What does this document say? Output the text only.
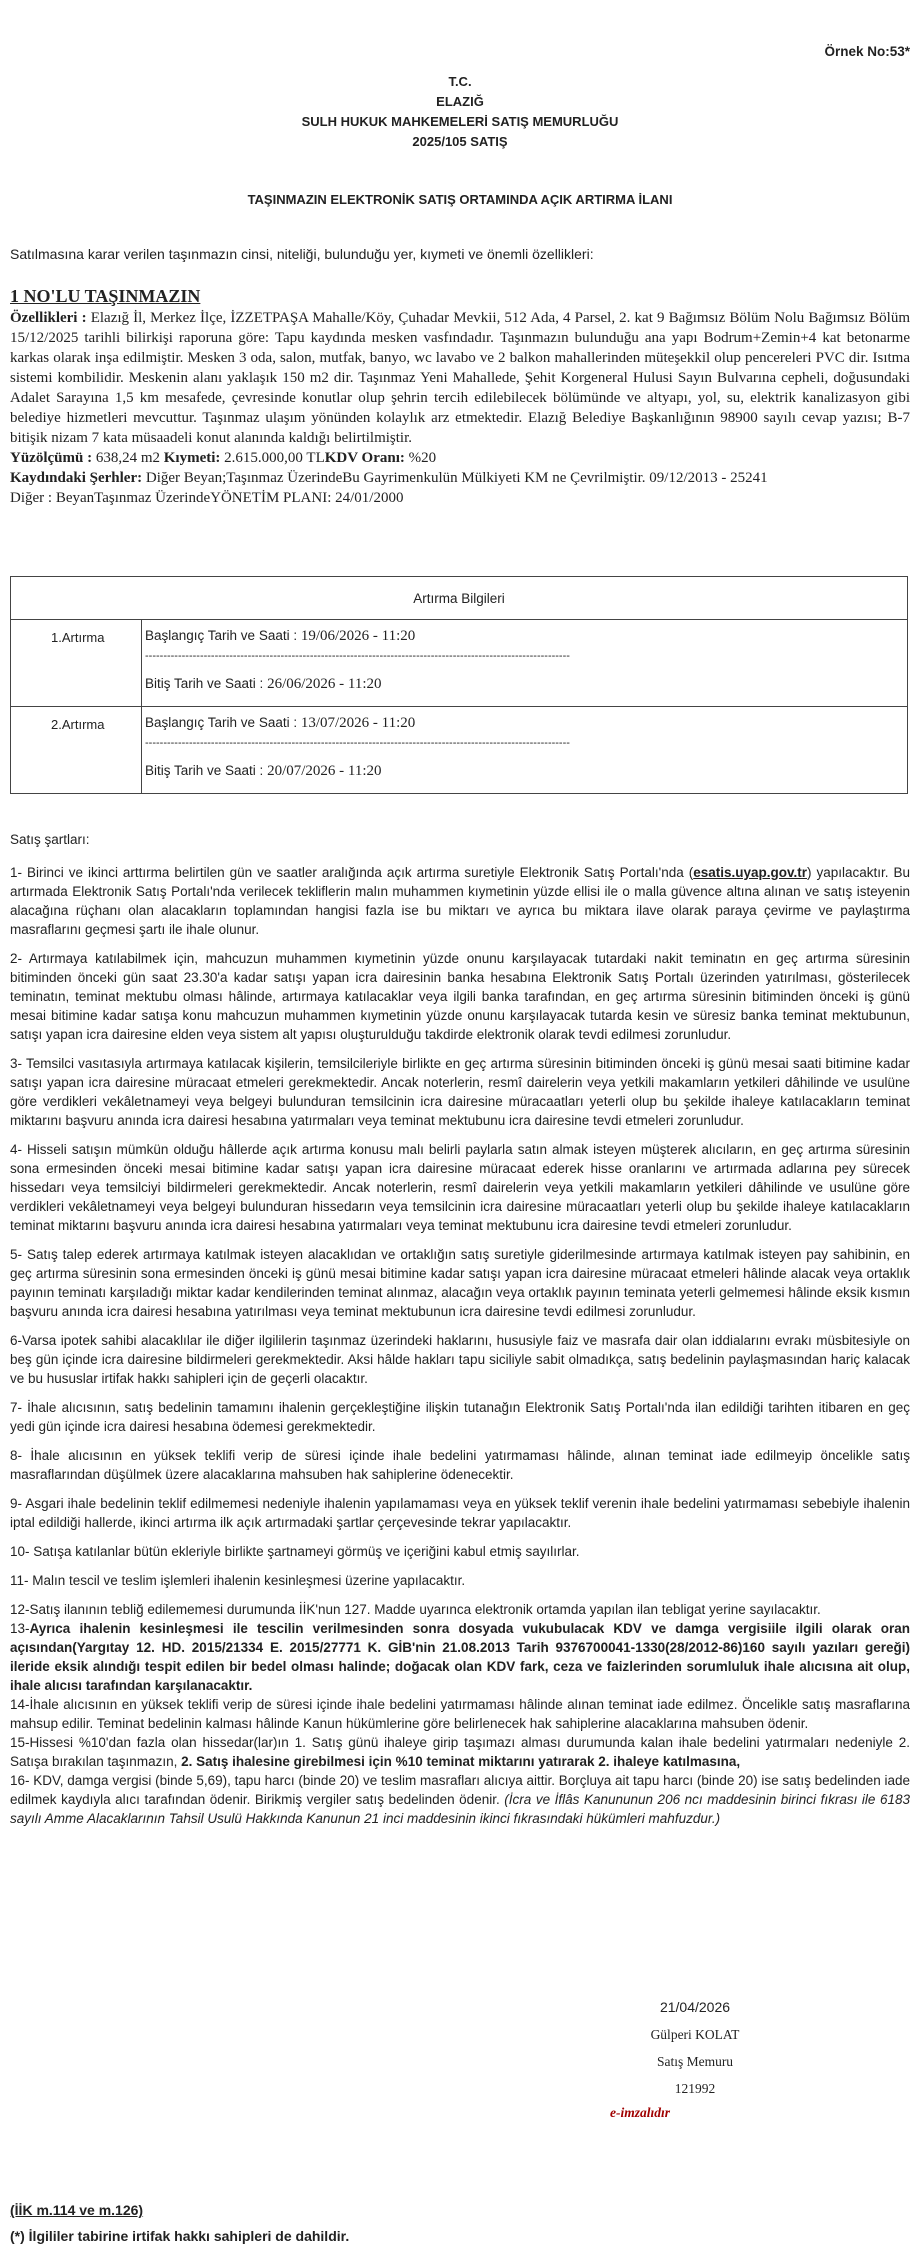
Örnek No:53*
T.C.
ELAZIĞ
SULH HUKUK MAHKEMELERİ SATIŞ MEMURLUĞU
2025/105 SATIŞ
TAŞINMAZIN ELEKTRONİK SATIŞ ORTAMINDA AÇIK ARTIRMA İLANI
Satılmasına karar verilen taşınmazın cinsi, niteliği, bulunduğu yer, kıymeti ve önemli özellikleri:
1 NO'LU TAŞINMAZIN
Özellikleri : Elazığ İl, Merkez İlçe, İZZETPAŞA Mahalle/Köy, Çuhadar Mevkii, 512 Ada, 4 Parsel, 2. kat 9 Bağımsız Bölüm Nolu Bağımsız Bölüm 15/12/2025 tarihli bilirkişi raporuna göre: Tapu kaydında mesken vasfındadır. Taşınmazın bulunduğu ana yapı Bodrum+Zemin+4 kat betonarme karkas olarak inşa edilmiştir. Mesken 3 oda, salon, mutfak, banyo, wc lavabo ve 2 balkon mahallerinden müteşekkil olup pencereleri PVC dir. Isıtma sistemi kombilidir. Meskenin alanı yaklaşık 150 m2 dir. Taşınmaz Yeni Mahallede, Şehit Korgeneral Hulusi Sayın Bulvarına cepheli, doğusundaki Adalet Sarayına 1,5 km mesafede, çevresinde konutlar olup şehrin tercih edilebilecek bölümünde ve altyapı, yol, su, elektrik kanalizasyon gibi belediye hizmetleri mevcuttur. Taşınmaz ulaşım yönünden kolaylık arz etmektedir. Elazığ Belediye Başkanlığının 98900 sayılı cevap yazısı; B-7 bitişik nizam 7 kata müsaadeli konut alanında kaldığı belirtilmiştir.
Yüzölçümü : 638,24 m2 Kıymeti: 2.615.000,00 TLKDV Oranı: %20
Kaydındaki Şerhler: Diğer Beyan;Taşınmaz ÜzerindeBu Gayrimenkulün Mülkiyeti KM ne Çevrilmiştir. 09/12/2013 - 25241
Diğer : BeyanTaşınmaz ÜzerindeYÖNETİM PLANI: 24/01/2000
Artırma Bilgileri	
1.Artırma	Başlangıç Tarih ve Saati : 19/06/2026 - 11:20
--------------------------------------------------------------------------------------------------------------------
Bitiş Tarih ve Saati : 26/06/2026 - 11:20

2.Artırma	Başlangıç Tarih ve Saati : 13/07/2026 - 11:20
--------------------------------------------------------------------------------------------------------------------
Bitiş Tarih ve Saati : 20/07/2026 - 11:20

Satış şartları:

1- Birinci ve ikinci arttırma belirtilen gün ve saatler aralığında açık artırma suretiyle Elektronik Satış Portalı'nda (esatis.uyap.gov.tr) yapılacaktır. Bu artırmada Elektronik Satış Portalı'nda verilecek tekliflerin malın muhammen kıymetinin yüzde ellisi ile o malla güvence altına alınan ve satış isteyenin alacağına rüçhanı olan alacakların toplamından hangisi fazla ise bu miktarı ve ayrıca bu miktara ilave olarak paraya çevirme ve paylaştırma masraflarını geçmesi şartı ile ihale olunur.

2- Artırmaya katılabilmek için, mahcuzun muhammen kıymetinin yüzde onunu karşılayacak tutardaki nakit teminatın en geç artırma süresinin bitiminden önceki gün saat 23.30'a kadar satışı yapan icra dairesinin banka hesabına Elektronik Satış Portalı üzerinden yatırılması, gösterilecek teminatın, teminat mektubu olması hâlinde, artırmaya katılacaklar veya ilgili banka tarafından, en geç artırma süresinin bitiminden önceki iş günü mesai bitimine kadar satışa konu mahcuzun muhammen kıymetinin yüzde onunu karşılayacak tutarda kesin ve süresiz banka teminat mektubunun, satışı yapan icra dairesine elden veya sistem alt yapısı oluşturulduğu takdirde elektronik olarak tevdi edilmesi zorunludur.

3- Temsilci vasıtasıyla artırmaya katılacak kişilerin, temsilcileriyle birlikte en geç artırma süresinin bitiminden önceki iş günü mesai saati bitimine kadar satışı yapan icra dairesine müracaat etmeleri gerekmektedir. Ancak noterlerin, resmî dairelerin veya yetkili makamların yetkileri dâhilinde ve usulüne göre verdikleri vekâletnameyi veya belgeyi bulunduran temsilcinin icra dairesine müracaatları yeterli olup bu şekilde ihaleye katılacakların teminat miktarını başvuru anında icra dairesi hesabına yatırmaları veya teminat mektubunu icra dairesine tevdi etmeleri zorunludur.

4- Hisseli satışın mümkün olduğu hâllerde açık artırma konusu malı belirli paylarla satın almak isteyen müşterek alıcıların, en geç artırma süresinin sona ermesinden önceki mesai bitimine kadar satışı yapan icra dairesine müracaat ederek hisse oranlarını ve artırmada adlarına pey sürecek hissedarı veya temsilciyi bildirmeleri gerekmektedir. Ancak noterlerin, resmî dairelerin veya yetkili makamların yetkileri dâhilinde ve usulüne göre verdikleri vekâletnameyi veya belgeyi bulunduran hissedarın veya temsilcinin icra dairesine müracaatları yeterli olup bu şekilde ihaleye katılacakların teminat miktarını başvuru anında icra dairesi hesabına yatırmaları veya teminat mektubunu icra dairesine tevdi etmeleri zorunludur.

5- Satış talep ederek artırmaya katılmak isteyen alacaklıdan ve ortaklığın satış suretiyle giderilmesinde artırmaya katılmak isteyen pay sahibinin, en geç artırma süresinin sona ermesinden önceki iş günü mesai bitimine kadar satışı yapan icra dairesine müracaat etmeleri hâlinde alacak veya ortaklık payının teminatı karşıladığı miktar kadar kendilerinden teminat alınmaz, alacağın veya ortaklık payının teminata yeterli gelmemesi hâlinde eksik kısmın başvuru anında icra dairesi hesabına yatırılması veya teminat mektubunun icra dairesine tevdi edilmesi zorunludur.

6-Varsa ipotek sahibi alacaklılar ile diğer ilgililerin taşınmaz üzerindeki haklarını, hususiyle faiz ve masrafa dair olan iddialarını evrakı müsbitesiyle on beş gün içinde icra dairesine bildirmeleri gerekmektedir. Aksi hâlde hakları tapu siciliyle sabit olmadıkça, satış bedelinin paylaşmasından hariç kalacak ve bu hususlar irtifak hakkı sahipleri için de geçerli olacaktır.

7- İhale alıcısının, satış bedelinin tamamını ihalenin gerçekleştiğine ilişkin tutanağın Elektronik Satış Portalı'nda ilan edildiği tarihten itibaren en geç yedi gün içinde icra dairesi hesabına ödemesi gerekmektedir.

8- İhale alıcısının en yüksek teklifi verip de süresi içinde ihale bedelini yatırmaması hâlinde, alınan teminat iade edilmeyip öncelikle satış masraflarından düşülmek üzere alacaklarına mahsuben hak sahiplerine ödenecektir.

9- Asgari ihale bedelinin teklif edilmemesi nedeniyle ihalenin yapılamaması veya en yüksek teklif verenin ihale bedelini yatırmaması sebebiyle ihalenin iptal edildiği hallerde, ikinci artırma ilk açık artırmadaki şartlar çerçevesinde tekrar yapılacaktır.

10- Satışa katılanlar bütün ekleriyle birlikte şartnameyi görmüş ve içeriğini kabul etmiş sayılırlar.

11- Malın tescil ve teslim işlemleri ihalenin kesinleşmesi üzerine yapılacaktır.

12-Satış ilanının tebliğ edilememesi durumunda İİK'nun 127. Madde uyarınca elektronik ortamda yapılan ilan tebligat yerine sayılacaktır.

13-Ayrıca ihalenin kesinleşmesi ile tescilin verilmesinden sonra dosyada vukubulacak KDV ve damga vergisiile ilgili olarak oran açısından(Yargıtay 12. HD. 2015/21334 E. 2015/27771 K. GİB'nin 21.08.2013 Tarih 9376700041-1330(28/2012-86)160 sayılı yazıları gereği) ileride eksik alındığı tespit edilen bir bedel olması halinde; doğacak olan KDV fark, ceza ve faizlerinden sorumluluk ihale alıcısına ait olup, ihale alıcısı tarafından karşılanacaktır.

14-İhale alıcısının en yüksek teklifi verip de süresi içinde ihale bedelini yatırmaması hâlinde alınan teminat iade edilmez. Öncelikle satış masraflarına mahsup edilir. Teminat bedelinin kalması hâlinde Kanun hükümlerine göre belirlenecek hak sahiplerine alacaklarına mahsuben ödenir.

15-Hissesi %10'dan fazla olan hissedar(lar)ın 1. Satış günü ihaleye girip taşımazı alması durumunda kalan ihale bedelini yatırmaları nedeniyle 2. Satışa bırakılan taşınmazın, 2. Satış ihalesine girebilmesi için %10 teminat miktarını yatırarak 2. ihaleye katılmasına,

16- KDV, damga vergisi (binde 5,69), tapu harcı (binde 20) ve teslim masrafları alıcıya aittir. Borçluya ait tapu harcı (binde 20) ise satış bedelinden iade edilmek kaydıyla alıcı tarafından ödenir. Birikmiş vergiler satış bedelinden ödenir. (İcra ve İflâs Kanununun 206 ncı maddesinin birinci fıkrası ile 6183 sayılı Amme Alacaklarının Tahsil Usulü Hakkında Kanunun 21 inci maddesinin ikinci fıkrasındaki hükümleri mahfuzdur.)

21/04/2026
Gülperi KOLAT
Satış Memuru
121992
e-imzalıdır
(İİK m.114 ve m.126)
(*) İlgililer tabirine irtifak hakkı sahipleri de dahildir.
